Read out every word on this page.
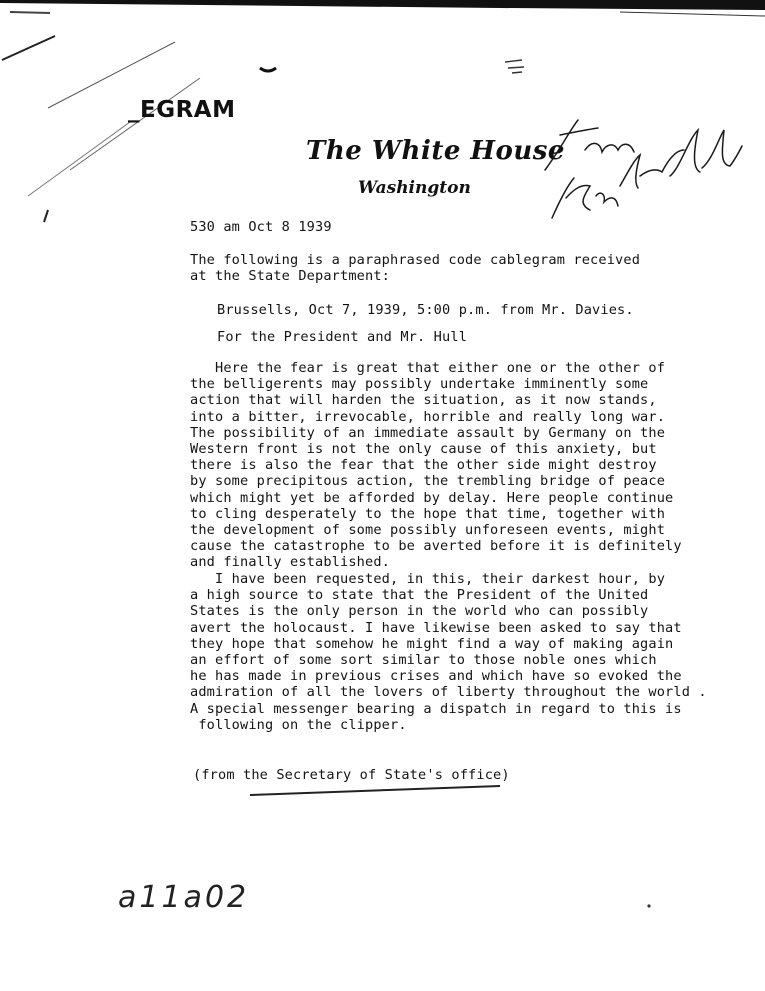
_EGRAM
The White House
Washington
530 am Oct 8 1939
The following is a paraphrased code cablegram received
at the State Department:
Brussells, Oct 7, 1939, 5:00 p.m. from Mr. Davies.
For the President and Mr. Hull
Here the fear is great that either one or the other of
the belligerents may possibly undertake imminently some
action that will harden the situation, as it now stands,
into a bitter, irrevocable, horrible and really long war.
The possibility of an immediate assault by Germany on the
Western front is not the only cause of this anxiety, but
there is also the fear that the other side might destroy
by some precipitous action, the trembling bridge of peace
which might yet be afforded by delay. Here people continue
to cling desperately to the hope that time, together with
the development of some possibly unforeseen events, might
cause the catastrophe to be averted before it is definitely
and finally established.
I have been requested, in this, their darkest hour, by
a high source to state that the President of the United
States is the only person in the world who can possibly
avert the holocaust. I have likewise been asked to say that
they hope that somehow he might find a way of making again
an effort of some sort similar to those noble ones which
he has made in previous crises and which have so evoked the
admiration of all the lovers of liberty throughout the world .
A special messenger bearing a dispatch in regard to this is
following on the clipper.
(from the Secretary of State's office)
a11a02
